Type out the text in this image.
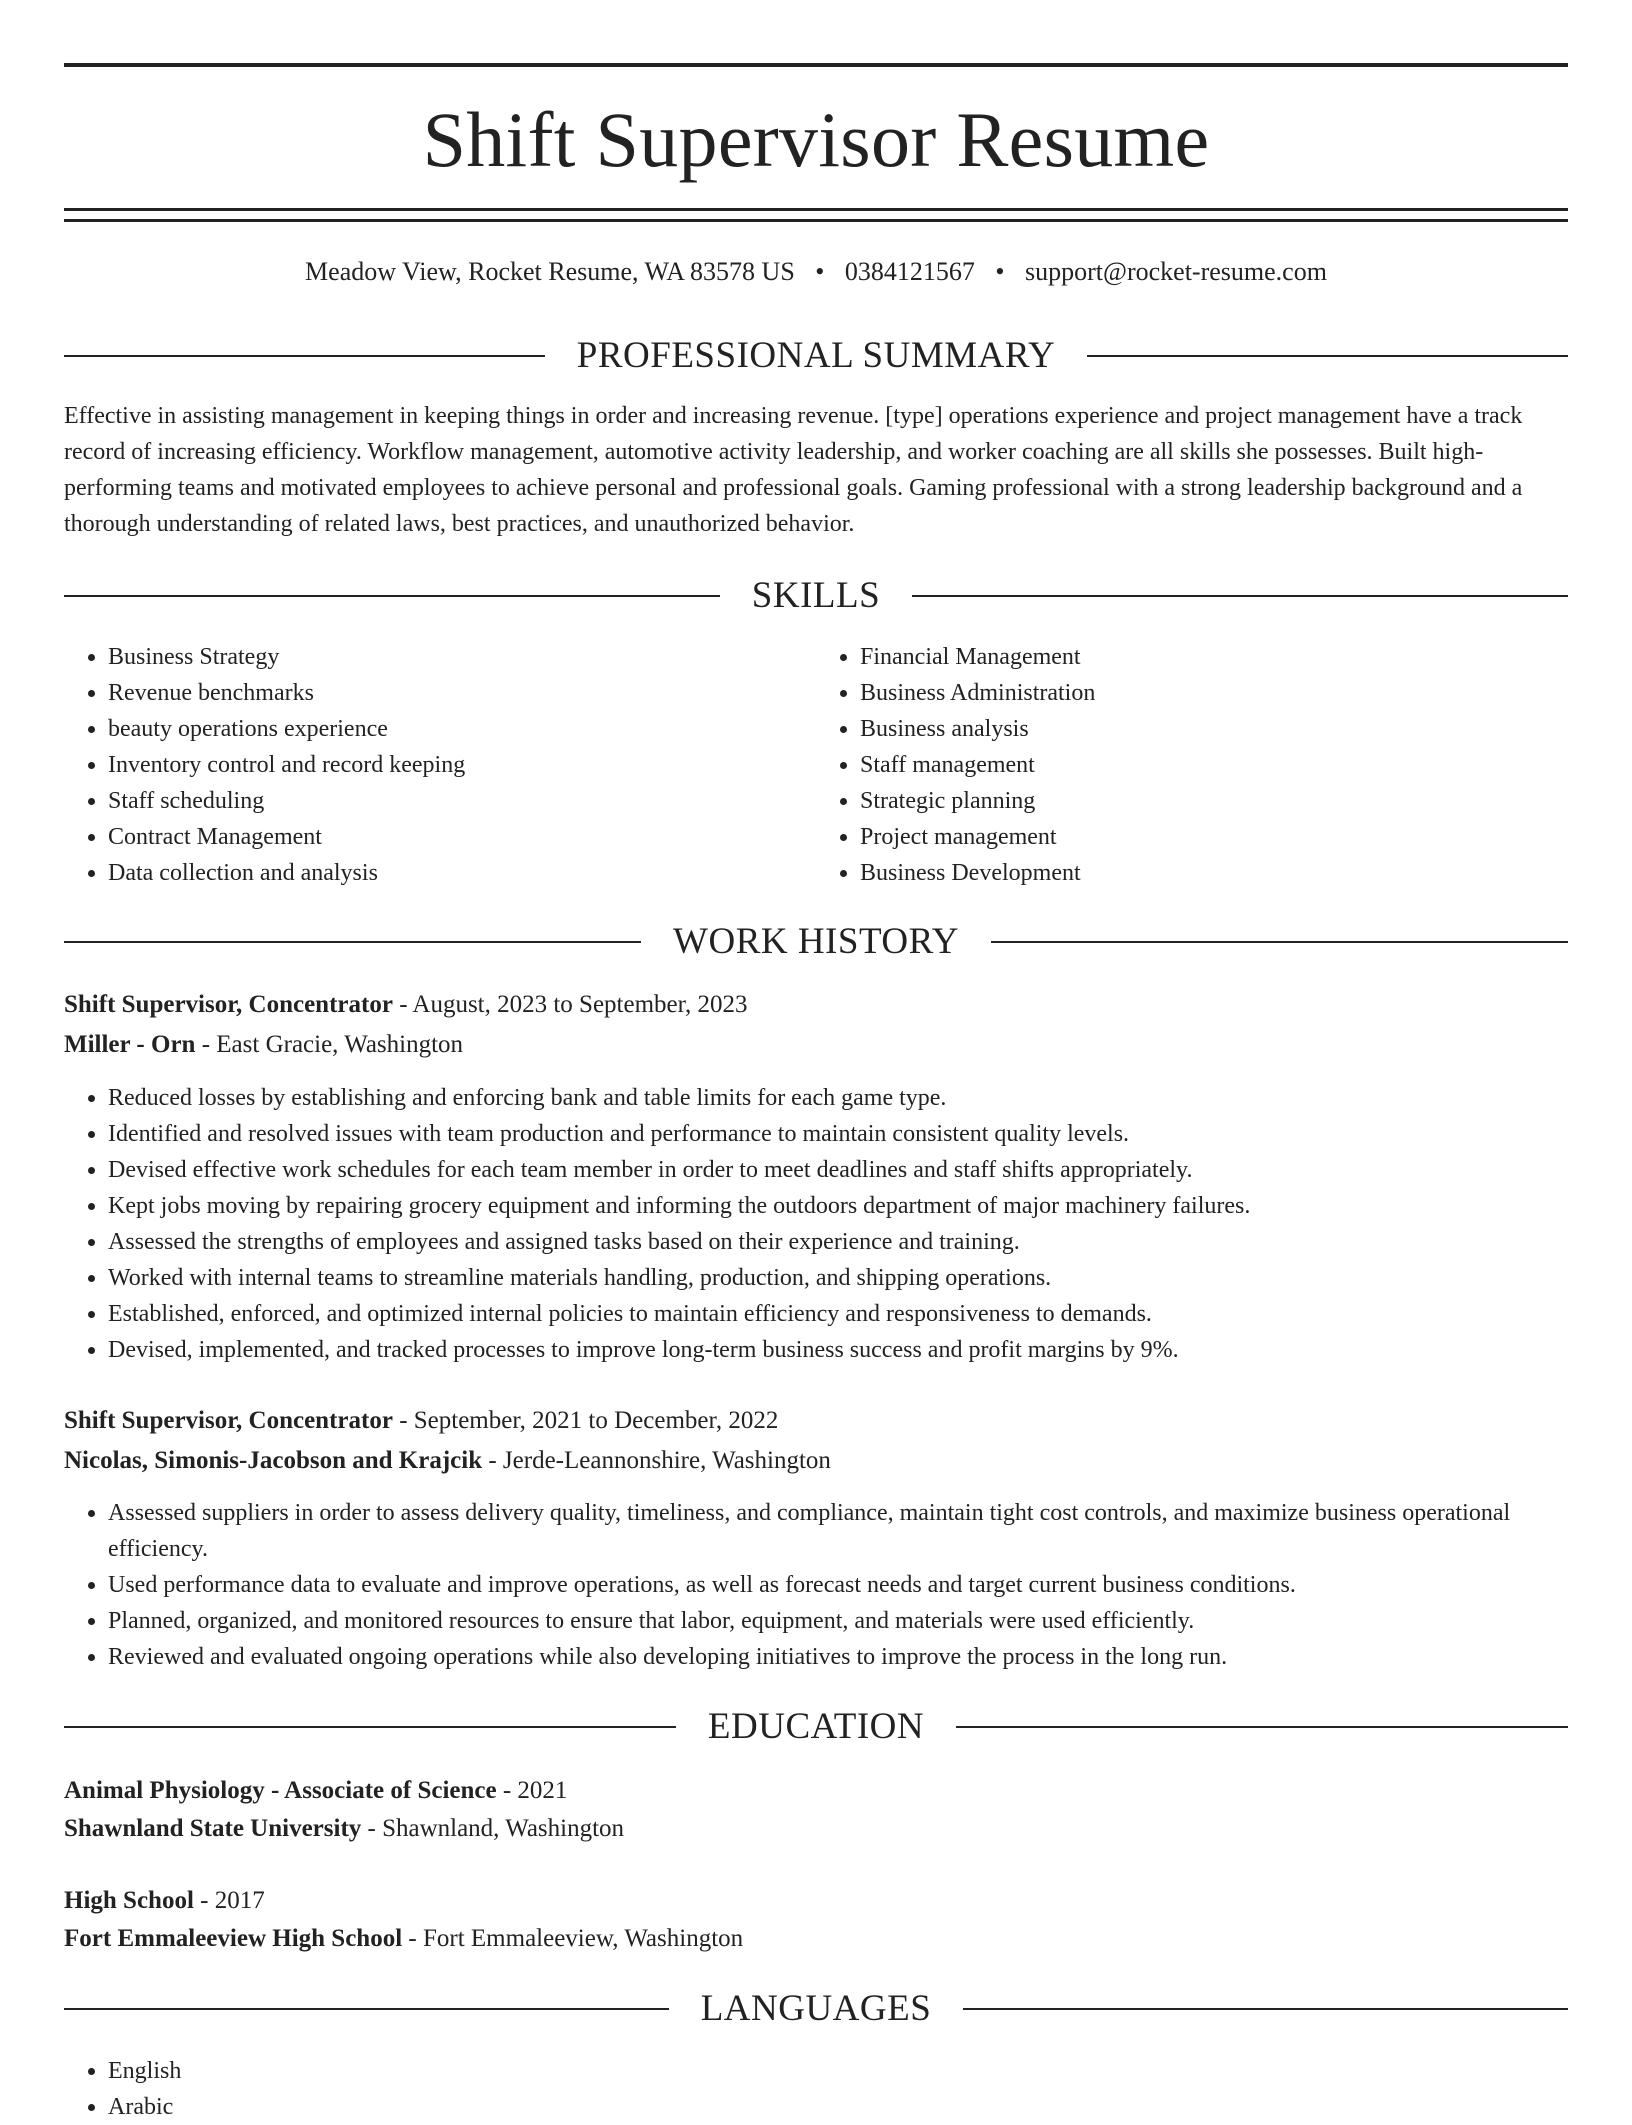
Shift Supervisor Resume
Meadow View, Rocket Resume, WA 83578 US • 0384121567 • support@rocket-resume.com
PROFESSIONAL SUMMARY

Effective in assisting management in keeping things in order and increasing revenue. [type] operations experience and project management have a track record of increasing efficiency. Workflow management, automotive activity leadership, and worker coaching are all skills she possesses. Built high-performing teams and motivated employees to achieve personal and professional goals. Gaming professional with a strong leadership background and a thorough understanding of related laws, best practices, and unauthorized behavior.

SKILLS
• Business Strategy
• Revenue benchmarks
• beauty operations experience
• Inventory control and record keeping
• Staff scheduling
• Contract Management
• Data collection and analysis
• Financial Management
• Business Administration
• Business analysis
• Staff management
• Strategic planning
• Project management
• Business Development
WORK HISTORY
Shift Supervisor, Concentrator - August, 2023 to September, 2023
Miller - Orn - East Gracie, Washington
• Reduced losses by establishing and enforcing bank and table limits for each game type.
• Identified and resolved issues with team production and performance to maintain consistent quality levels.
• Devised effective work schedules for each team member in order to meet deadlines and staff shifts appropriately.
• Kept jobs moving by repairing grocery equipment and informing the outdoors department of major machinery failures.
• Assessed the strengths of employees and assigned tasks based on their experience and training.
• Worked with internal teams to streamline materials handling, production, and shipping operations.
• Established, enforced, and optimized internal policies to maintain efficiency and responsiveness to demands.
• Devised, implemented, and tracked processes to improve long-term business success and profit margins by 9%.
Shift Supervisor, Concentrator - September, 2021 to December, 2022
Nicolas, Simonis-Jacobson and Krajcik - Jerde-Leannonshire, Washington
• Assessed suppliers in order to assess delivery quality, timeliness, and compliance, maintain tight cost controls, and maximize business operational efficiency.
• Used performance data to evaluate and improve operations, as well as forecast needs and target current business conditions.
• Planned, organized, and monitored resources to ensure that labor, equipment, and materials were used efficiently.
• Reviewed and evaluated ongoing operations while also developing initiatives to improve the process in the long run.
EDUCATION
Animal Physiology - Associate of Science - 2021
Shawnland State University - Shawnland, Washington
High School - 2017
Fort Emmaleeview High School - Fort Emmaleeview, Washington
LANGUAGES
• English
• Arabic
